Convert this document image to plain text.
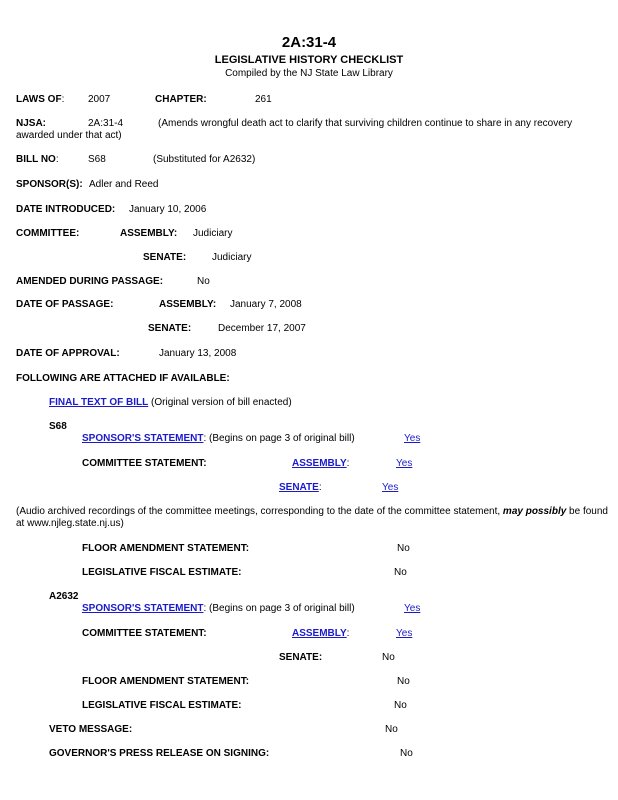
2A:31-4
LEGISLATIVE HISTORY CHECKLIST
Compiled by the NJ State Law Library
LAWS OF: 2007	CHAPTER:	261
NJSA:	2A:31-4	(Amends wrongful death act to clarify that surviving children continue to share in any recovery
awarded under that act)
BILL NO:	S68	(Substituted for A2632)
SPONSOR(S): Adler and Reed
DATE INTRODUCED: January 10, 2006
COMMITTEE:	ASSEMBLY: Judiciary
SENATE:	Judiciary
AMENDED DURING PASSAGE:	No
DATE OF PASSAGE:	ASSEMBLY: January 7, 2008
SENATE:	December 17, 2007
DATE OF APPROVAL:	January 13, 2008
FOLLOWING ARE ATTACHED IF AVAILABLE:
FINAL TEXT OF BILL (Original version of bill enacted)
S68
SPONSOR'S STATEMENT: (Begins on page 3 of original bill)	Yes
COMMITTEE STATEMENT:	ASSEMBLY:	Yes
SENATE:	Yes
(Audio archived recordings of the committee meetings, corresponding to the date of the committee statement, may possibly be found
at www.njleg.state.nj.us)
FLOOR AMENDMENT STATEMENT:	No
LEGISLATIVE FISCAL ESTIMATE:	No
A2632
SPONSOR'S STATEMENT: (Begins on page 3 of original bill)	Yes
COMMITTEE STATEMENT:	ASSEMBLY:	Yes
SENATE:	No
FLOOR AMENDMENT STATEMENT:	No
LEGISLATIVE FISCAL ESTIMATE:	No
VETO MESSAGE:	No
GOVERNOR'S PRESS RELEASE ON SIGNING:	No
